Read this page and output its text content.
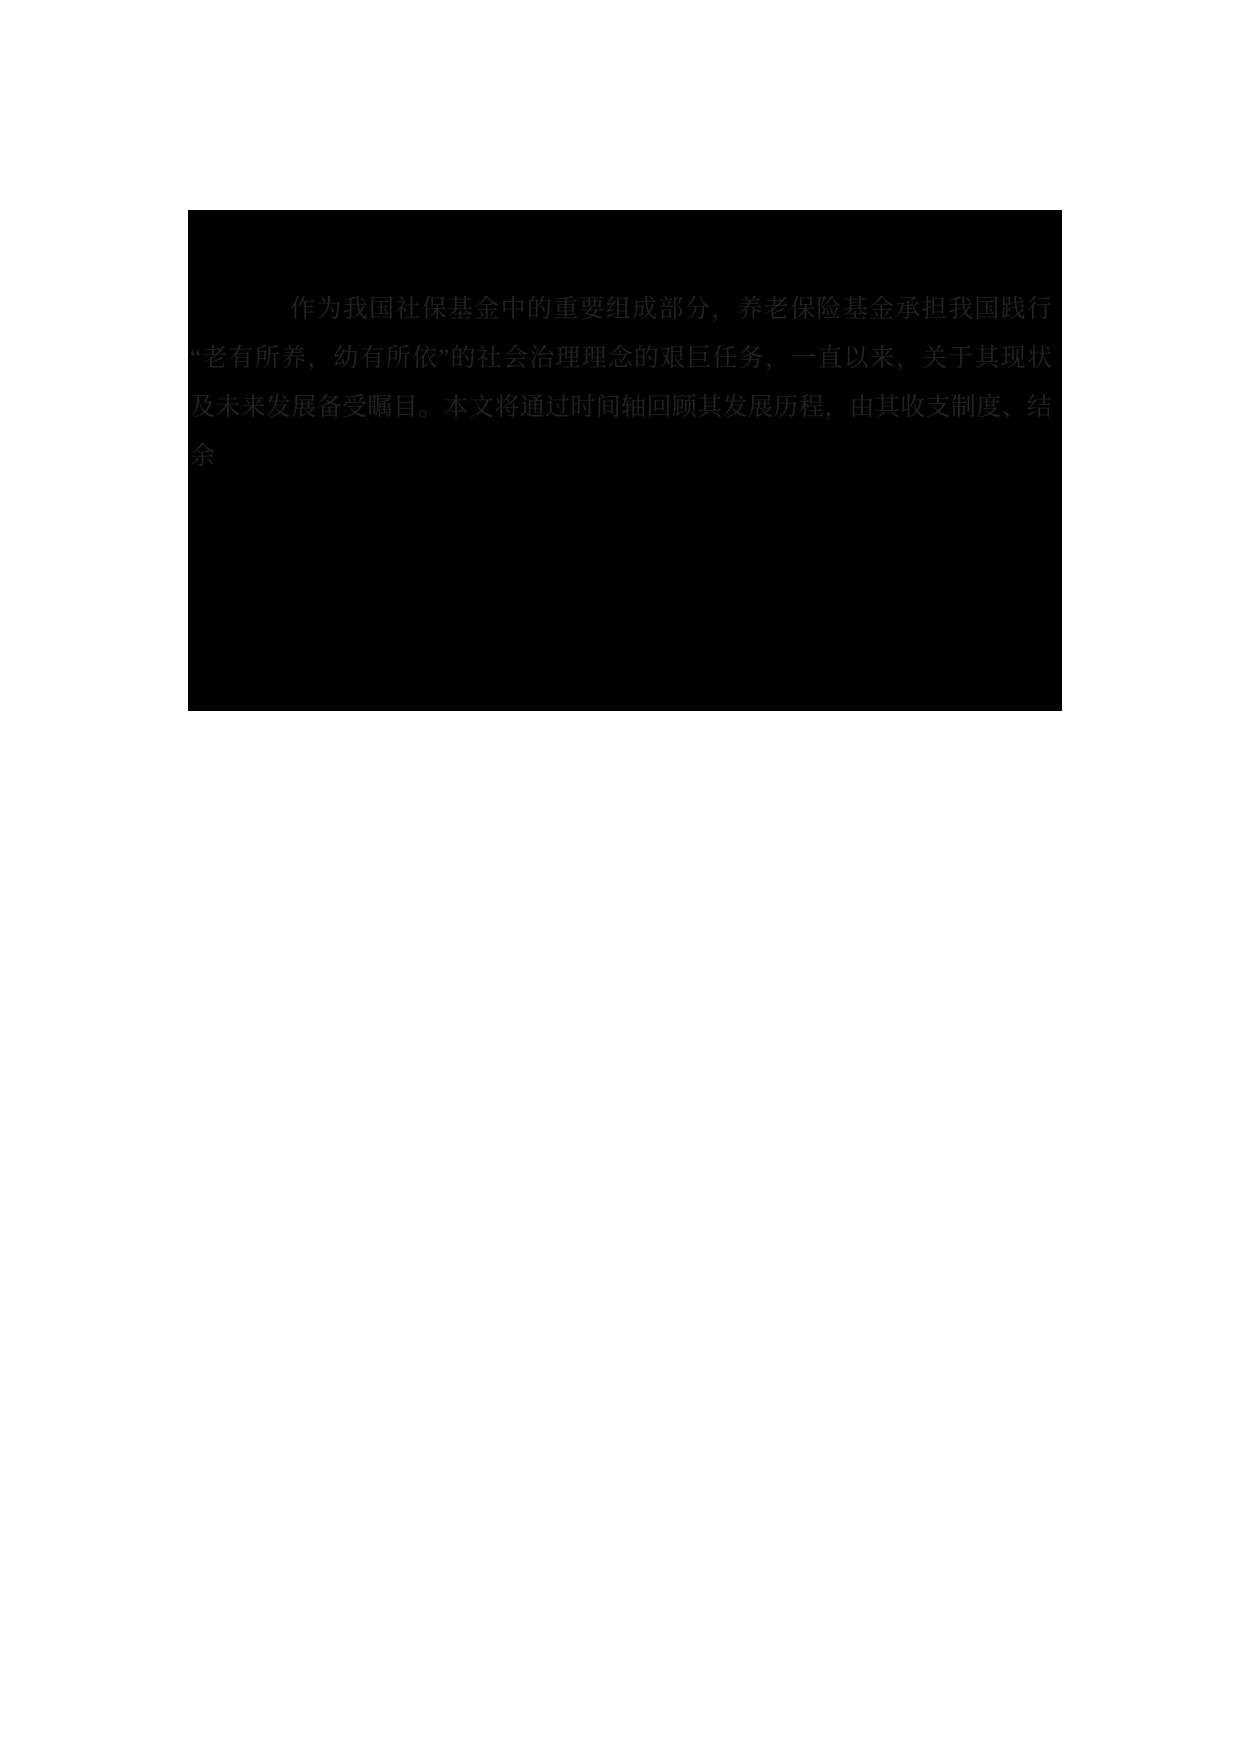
作为我国社保基金中的重要组成部分，养老保险基金承担我国践行
“老有所养，幼有所依”的社会治理理念的艰巨任务，一直以来，关于其现状
及未来发展备受瞩目。本文将通过时间轴回顾其发展历程，由其收支制度、结
余
